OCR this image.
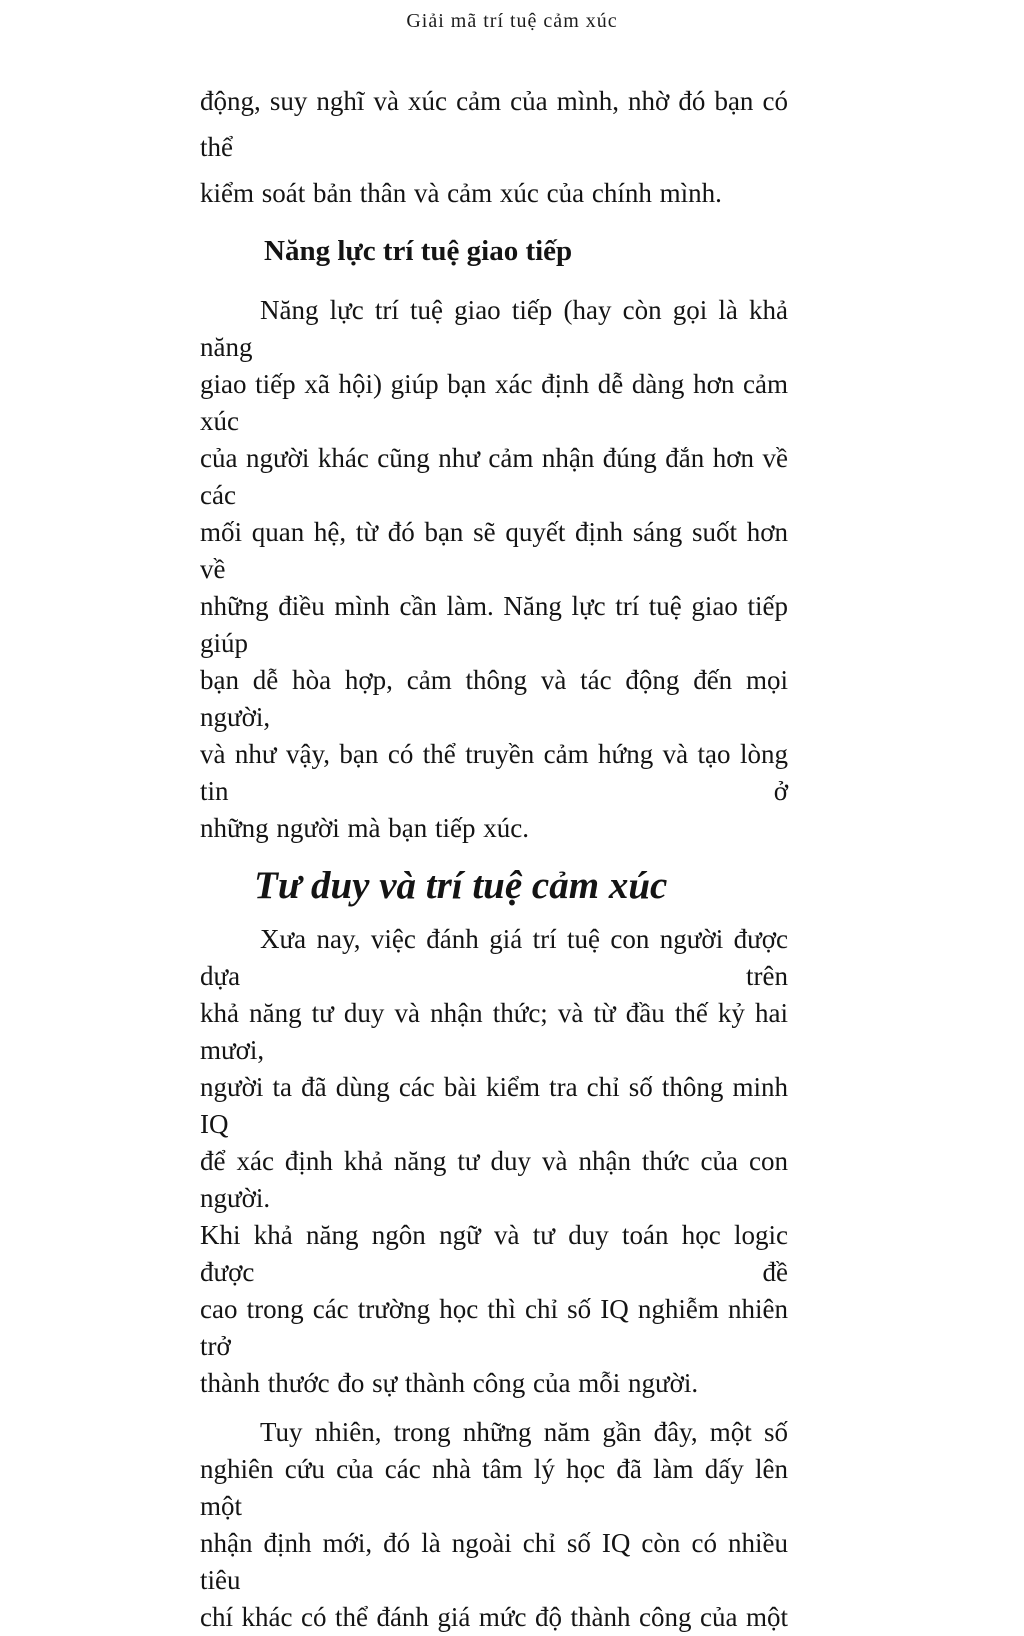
Giải mã trí tuệ cảm xúc
động, suy nghĩ và xúc cảm của mình, nhờ đó bạn có thể
kiểm soát bản thân và cảm xúc của chính mình.
Năng lực trí tuệ giao tiếp
Năng lực trí tuệ giao tiếp (hay còn gọi là khả năng
giao tiếp xã hội) giúp bạn xác định dễ dàng hơn cảm xúc
của người khác cũng như cảm nhận đúng đắn hơn về các
mối quan hệ, từ đó bạn sẽ quyết định sáng suốt hơn về
những điều mình cần làm. Năng lực trí tuệ giao tiếp giúp
bạn dễ hòa hợp, cảm thông và tác động đến mọi người,
và như vậy, bạn có thể truyền cảm hứng và tạo lòng tin ở
những người mà bạn tiếp xúc.
Tư duy và trí tuệ cảm xúc
Xưa nay, việc đánh giá trí tuệ con người được dựa trên
khả năng tư duy và nhận thức; và từ đầu thế kỷ hai mươi,
người ta đã dùng các bài kiểm tra chỉ số thông minh IQ
để xác định khả năng tư duy và nhận thức của con người.
Khi khả năng ngôn ngữ và tư duy toán học logic được đề
cao trong các trường học thì chỉ số IQ nghiễm nhiên trở
thành thước đo sự thành công của mỗi người.
Tuy nhiên, trong những năm gần đây, một số
nghiên cứu của các nhà tâm lý học đã làm dấy lên một
nhận định mới, đó là ngoài chỉ số IQ còn có nhiều tiêu
chí khác có thể đánh giá mức độ thành công của một
